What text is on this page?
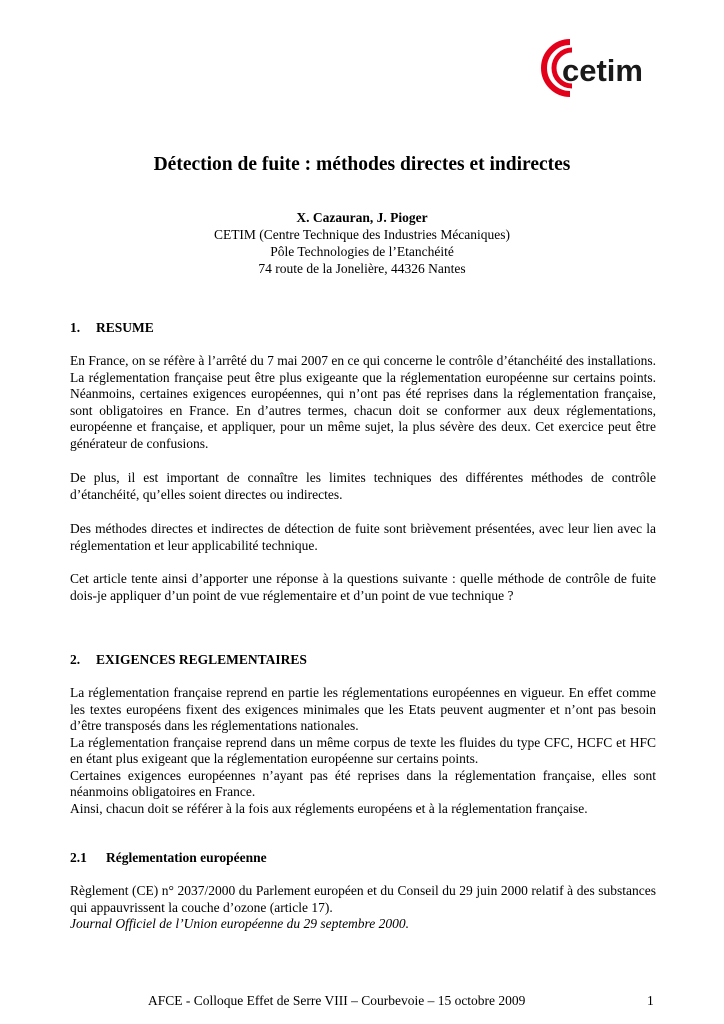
cetim
Détection de fuite : méthodes directes et indirectes
X. Cazauran, J. Pioger
CETIM (Centre Technique des Industries Mécaniques)
Pôle Technologies de l’Etanchéité
74 route de la Jonelière, 44326 Nantes
1. RESUME

En France, on se réfère à l’arrêté du 7 mai 2007 en ce qui concerne le contrôle d’étanchéité des installations. La réglementation française peut être plus exigeante que la réglementation européenne sur certains points. Néanmoins, certaines exigences européennes, qui n’ont pas été reprises dans la réglementation française, sont obligatoires en France. En d’autres termes, chacun doit se conformer aux deux réglementations, européenne et française, et appliquer, pour un même sujet, la plus sévère des deux. Cet exercice peut être générateur de confusions.

De plus, il est important de connaître les limites techniques des différentes méthodes de contrôle d’étanchéité, qu’elles soient directes ou indirectes.

Des méthodes directes et indirectes de détection de fuite sont brièvement présentées, avec leur lien avec la réglementation et leur applicabilité technique.

Cet article tente ainsi d’apporter une réponse à la questions suivante : quelle méthode de contrôle de fuite dois-je appliquer d’un point de vue réglementaire et d’un point de vue technique ?

2. EXIGENCES REGLEMENTAIRES
La réglementation française reprend en partie les réglementations européennes en vigueur. En effet comme les textes européens fixent des exigences minimales que les Etats peuvent augmenter et n’ont pas besoin d’être transposés dans les réglementations nationales.
La réglementation française reprend dans un même corpus de texte les fluides du type CFC, HCFC et HFC en étant plus exigeant que la réglementation européenne sur certains points.
Certaines exigences européennes n’ayant pas été reprises dans la réglementation française, elles sont néanmoins obligatoires en France.
Ainsi, chacun doit se référer à la fois aux réglements européens et à la réglementation française.
2.1 Réglementation européenne
Règlement (CE) n° 2037/2000 du Parlement européen et du Conseil du 29 juin 2000 relatif à des substances qui appauvrissent la couche d’ozone (article 17).
Journal Officiel de l’Union européenne du 29 septembre 2000.
AFCE - Colloque Effet de Serre VIII – Courbevoie – 15 octobre 2009	1
